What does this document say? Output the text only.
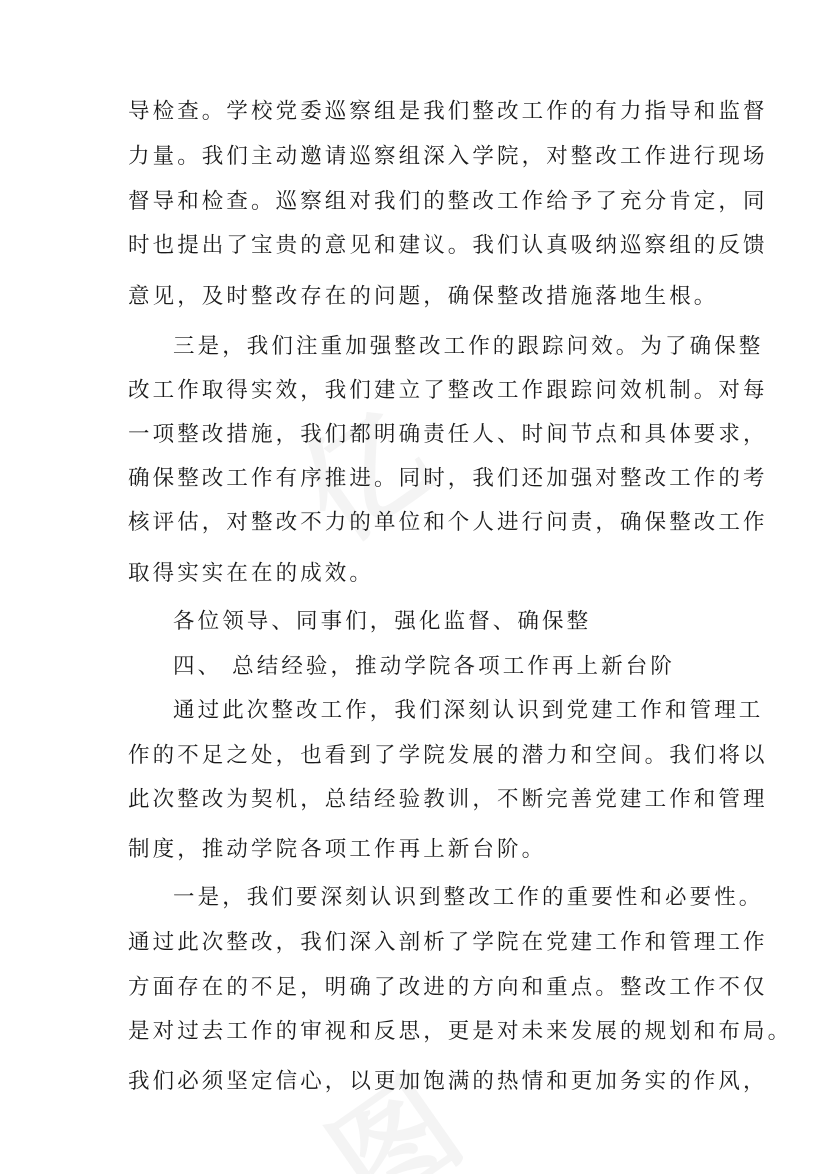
导检查。学校党委巡察组是我们整改工作的有力指导和监督
力量。我们主动邀请巡察组深入学院，对整改工作进行现场
督导和检查。巡察组对我们的整改工作给予了充分肯定，同
时也提出了宝贵的意见和建议。我们认真吸纳巡察组的反馈
意见，及时整改存在的问题，确保整改措施落地生根。
三是，我们注重加强整改工作的跟踪问效。为了确保整
改工作取得实效，我们建立了整改工作跟踪问效机制。对每
一项整改措施，我们都明确责任人、时间节点和具体要求，
确保整改工作有序推进。同时，我们还加强对整改工作的考
核评估，对整改不力的单位和个人进行问责，确保整改工作
取得实实在在的成效。
各位领导、同事们，强化监督、确保整
四、 总结经验，推动学院各项工作再上新台阶
通过此次整改工作，我们深刻认识到党建工作和管理工
作的不足之处，也看到了学院发展的潜力和空间。我们将以
此次整改为契机，总结经验教训，不断完善党建工作和管理
制度，推动学院各项工作再上新台阶。
一是，我们要深刻认识到整改工作的重要性和必要性。
通过此次整改，我们深入剖析了学院在党建工作和管理工作
方面存在的不足，明确了改进的方向和重点。整改工作不仅
是对过去工作的审视和反思，更是对未来发展的规划和布局。
我们必须坚定信心，以更加饱满的热情和更加务实的作风，
